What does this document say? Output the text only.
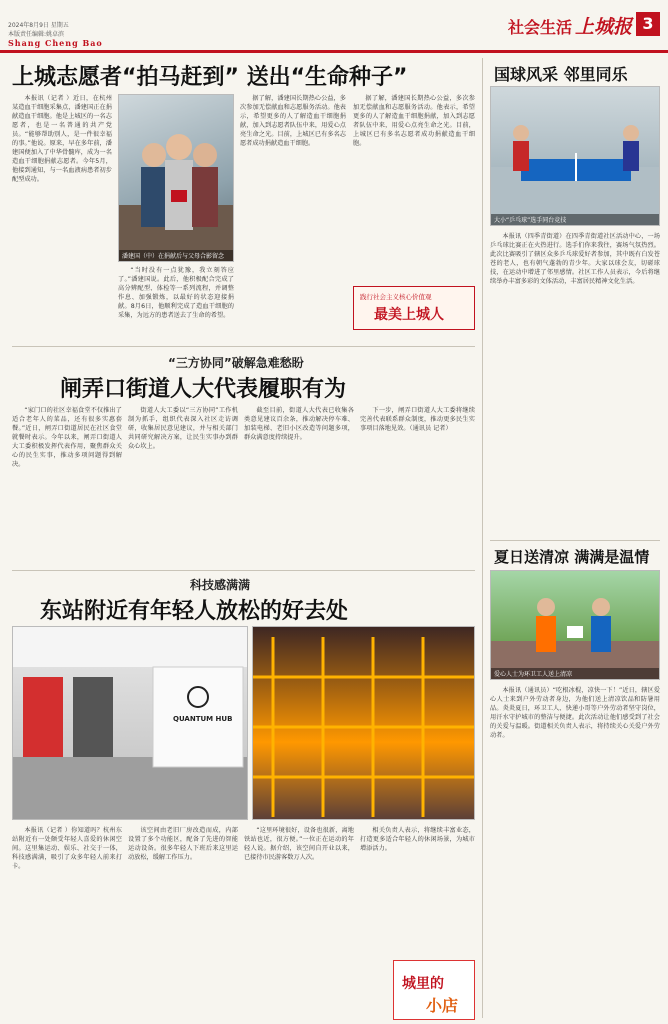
2024年8月9日 星期五
本版责任编辑:姚卓滨
Shang Cheng Bao
社会生活 上城报 3
上城志愿者“拍马赶到” 送出“生命种子”

本报讯（记者 ）近日，在杭州某造血干细胞采集点，潘建国正在捐献造血干细胞。他是上城区的一名志愿者，也是一名普通的共产党员。“能够帮助别人，是一件很幸福的事。”他说。原来，早在多年前，潘建国便加入了中华骨髓库，成为一名造血干细胞捐献志愿者。今年5月，他接到通知，与一名血液病患者初步配型成功。

潘建国（中）在捐献后与父母合影留念

“当时没有一点犹豫，我立刻答应了。”潘建国说。此后，他积极配合完成了高分辨配型、体检等一系列流程，并调整作息、加强锻炼，以最好的状态迎接捐献。8月6日，他顺利完成了造血干细胞的采集，为远方的患者送去了生命的希望。

据了解，潘建国长期热心公益，多次参加无偿献血和志愿服务活动。他表示，希望更多的人了解造血干细胞捐献，加入到志愿者队伍中来，用爱心点亮生命之光。目前，上城区已有多名志愿者成功捐献造血干细胞。

据了解，潘建国长期热心公益，多次参加无偿献血和志愿服务活动。他表示，希望更多的人了解造血干细胞捐献，加入到志愿者队伍中来，用爱心点亮生命之光。目前，上城区已有多名志愿者成功捐献造血干细胞。

践行社会主义核心价值观
最美上城人
“三方协同”破解急难愁盼
闸弄口街道人大代表履职有为

“家门口的社区幸福食堂不仅推出了适合老年人的菜品，还有很多实惠套餐。”近日，闸弄口街道居民在社区食堂就餐时表示。今年以来，闸弄口街道人大工委积极发挥代表作用，聚焦群众关心的民生实事，推动多项问题得到解决。

街道人大工委以“三方协同”工作机制为抓手，组织代表深入社区走访调研，收集居民意见建议，并与相关部门共同研究解决方案，让民生实事办到群众心坎上。

截至目前，街道人大代表已收集各类意见建议百余条，推动解决停车难、加装电梯、老旧小区改造等问题多项，群众满意度持续提升。

下一步，闸弄口街道人大工委将继续完善代表联系群众制度，推动更多民生实事项目落地见效。（通讯员 记者）

科技感满满
东站附近有年轻人放松的好去处
QUANTUM HUB

本报讯（记者 ）你知道吗？杭州东站附近有一处颇受年轻人喜爱的休闲空间。这里集运动、娱乐、社交于一体，科技感满满，吸引了众多年轻人前来打卡。

该空间由老旧厂房改造而成，内部设置了多个功能区，配备了先进的智能运动设备。很多年轻人下班后来这里运动放松，缓解工作压力。

“这里环境很好，设备也很新，离地铁站也近，很方便。”一位正在运动的年轻人说。据介绍，该空间自开业以来，已接待市民游客数万人次。

相关负责人表示，将继续丰富业态，打造更多适合年轻人的休闲场景，为城市增添活力。

城里的
小店
国球风采 邻里同乐
大小“乒乓球”选手同台竞技

本报讯（四季青街道）在四季青街道社区活动中心，一场乒乓球比赛正在火热进行。选手们你来我往，赛场气氛热烈。此次比赛吸引了辖区众多乒乓球爱好者参加，其中既有白发苍苍的老人，也有朝气蓬勃的青少年。大家以球会友，切磋球技，在运动中增进了邻里感情。社区工作人员表示，今后将继续举办丰富多彩的文体活动，丰富居民精神文化生活。

夏日送清凉 满满是温情
爱心人士为环卫工人送上清凉

本报讯（通讯员）“吃根冰棍，凉快一下！”近日，辖区爱心人士来到户外劳动者身边，为他们送上清凉饮品和防暑用品。炎炎夏日，环卫工人、快递小哥等户外劳动者坚守岗位，用汗水守护城市的整洁与便捷。此次活动让他们感受到了社会的关爱与温暖。街道相关负责人表示，将持续关心关爱户外劳动者。
